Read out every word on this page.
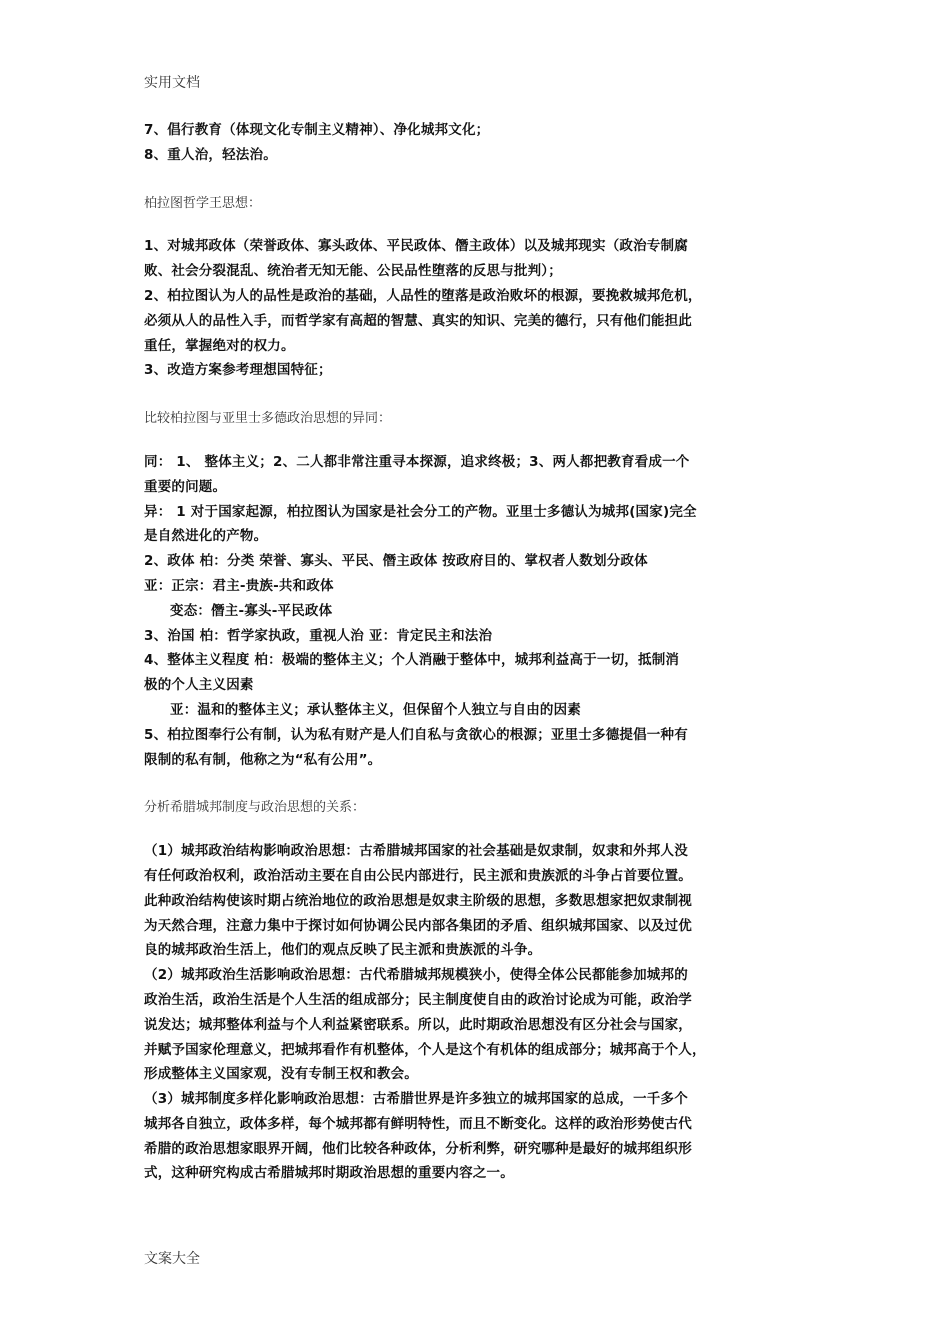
实用文档
7、倡行教育（体现文化专制主义精神）、净化城邦文化；
8、重人治，轻法治。
柏拉图哲学王思想：
1、对城邦政体（荣誉政体、寡头政体、平民政体、僭主政体）以及城邦现实（政治专制腐
败、社会分裂混乱、统治者无知无能、公民品性堕落的反思与批判）；
2、柏拉图认为人的品性是政治的基础，人品性的堕落是政治败坏的根源，要挽救城邦危机，
必须从人的品性入手，而哲学家有高超的智慧、真实的知识、完美的德行，只有他们能担此
重任，掌握绝对的权力。
3、改造方案参考理想国特征；
比较柏拉图与亚里士多德政治思想的异同：
同： 1、 整体主义；2、二人都非常注重寻本探源，追求终极；3、两人都把教育看成一个
重要的问题。
异： 1 对于国家起源，柏拉图认为国家是社会分工的产物。亚里士多德认为城邦(国家)完全
是自然进化的产物。
2、政体 柏：分类 荣誉、寡头、平民、僭主政体 按政府目的、掌权者人数划分政体
亚：正宗：君主-贵族-共和政体
变态：僭主-寡头-平民政体
3、治国 柏：哲学家执政，重视人治 亚：肯定民主和法治
4、整体主义程度 柏：极端的整体主义；个人消融于整体中，城邦利益高于一切，抵制消
极的个人主义因素
亚：温和的整体主义；承认整体主义，但保留个人独立与自由的因素
5、柏拉图奉行公有制，认为私有财产是人们自私与贪欲心的根源；亚里士多德提倡一种有
限制的私有制，他称之为“私有公用”。
分析希腊城邦制度与政治思想的关系：
（1）城邦政治结构影响政治思想：古希腊城邦国家的社会基础是奴隶制，奴隶和外邦人没
有任何政治权利，政治活动主要在自由公民内部进行，民主派和贵族派的斗争占首要位置。
此种政治结构使该时期占统治地位的政治思想是奴隶主阶级的思想，多数思想家把奴隶制视
为天然合理，注意力集中于探讨如何协调公民内部各集团的矛盾、组织城邦国家、以及过优
良的城邦政治生活上，他们的观点反映了民主派和贵族派的斗争。
（2）城邦政治生活影响政治思想：古代希腊城邦规模狭小，使得全体公民都能参加城邦的
政治生活，政治生活是个人生活的组成部分；民主制度使自由的政治讨论成为可能，政治学
说发达；城邦整体利益与个人利益紧密联系。所以，此时期政治思想没有区分社会与国家，
并赋予国家伦理意义，把城邦看作有机整体，个人是这个有机体的组成部分；城邦高于个人，
形成整体主义国家观，没有专制王权和教会。
（3）城邦制度多样化影响政治思想：古希腊世界是许多独立的城邦国家的总成，一千多个
城邦各自独立，政体多样，每个城邦都有鲜明特性，而且不断变化。这样的政治形势使古代
希腊的政治思想家眼界开阔，他们比较各种政体，分析利弊，研究哪种是最好的城邦组织形
式，这种研究构成古希腊城邦时期政治思想的重要内容之一。
文案大全
